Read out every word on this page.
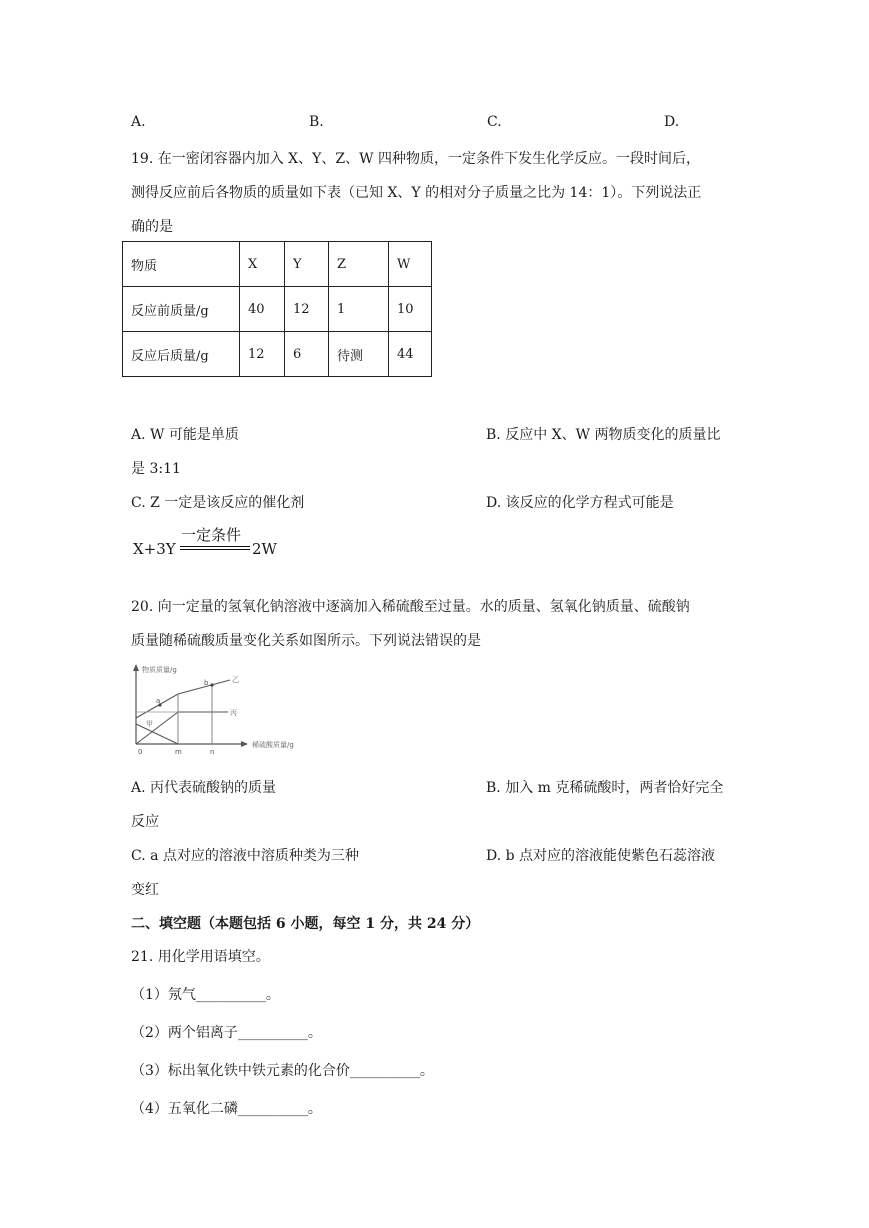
A.	B.	C.	D.
19. 在一密闭容器内加入 X、Y、Z、W 四种物质，一定条件下发生化学反应。一段时间后，
测得反应前后各物质的质量如下表（已知 X、Y 的相对分子质量之比为 14：1）。下列说法正
确的是
物质	X	Y	Z	W
反应前质量/g	40	12	1	10
反应后质量/g	12	6	待测	44
A. W 可能是单质	B. 反应中 X、W 两物质变化的质量比
是 3:11
C. Z 一定是该反应的催化剂	D. 该反应的化学方程式可能是
一定条件
X+3Y	2W
20. 向一定量的氢氧化钠溶液中逐滴加入稀硫酸至过量。水的质量、氢氧化钠质量、硫酸钠
质量随稀硫酸质量变化关系如图所示。下列说法错误的是
物质质量/g
稀硫酸质量/g
0	m	n
a
b	乙
丙
甲
A. 丙代表硫酸钠的质量	B. 加入 m 克稀硫酸时，两者恰好完全
反应
C. a 点对应的溶液中溶质种类为三种	D. b 点对应的溶液能使紫色石蕊溶液
变红
二、填空题（本题包括 6 小题，每空 1 分，共 24 分）
21. 用化学用语填空。
（1）氖气__________。
（2）两个铝离子__________。
（3）标出氧化铁中铁元素的化合价__________。
（4）五氧化二磷__________。
